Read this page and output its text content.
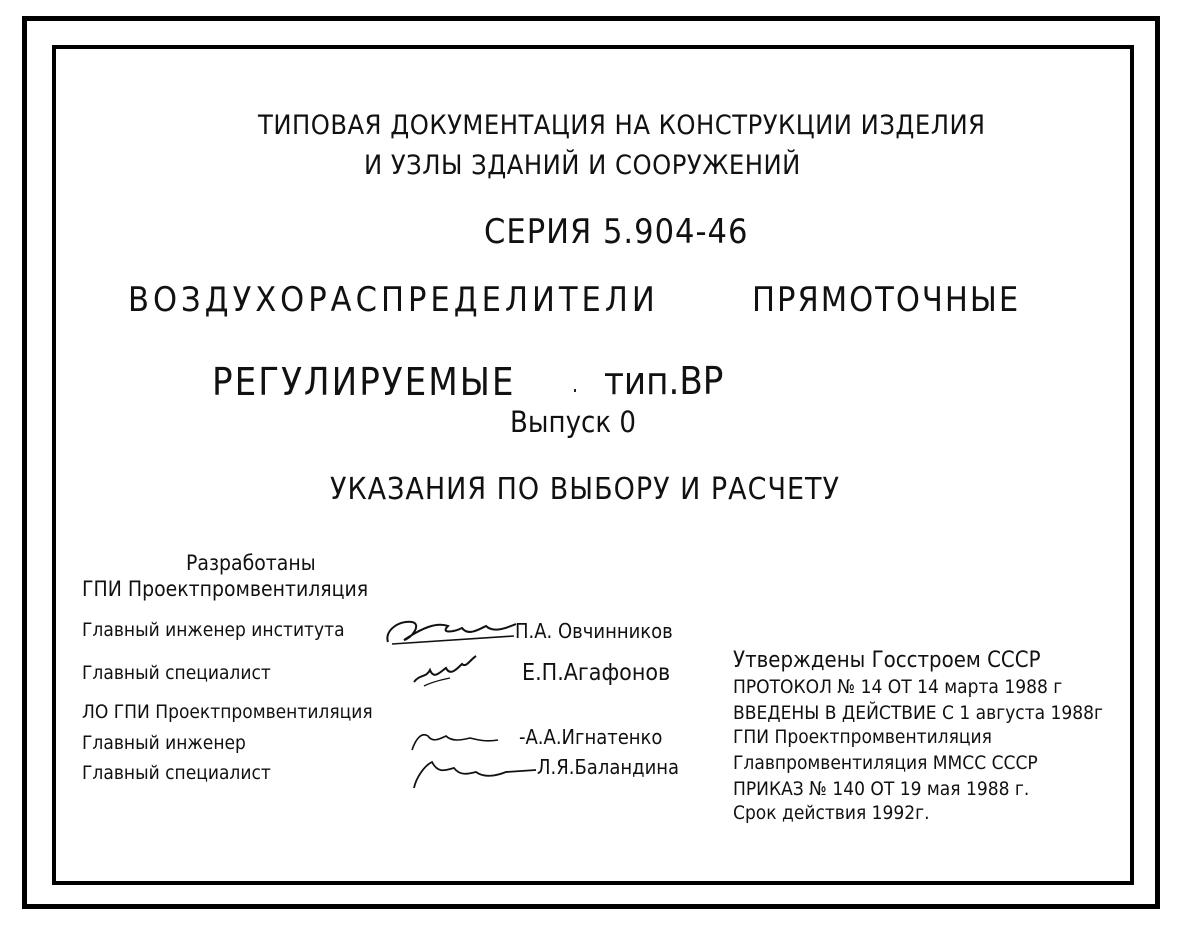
ТИПОВАЯ ДОКУМЕНТАЦИЯ НА КОНСТРУКЦИИ ИЗДЕЛИЯ
И УЗЛЫ ЗДАНИЙ И СООРУЖЕНИЙ
СЕРИЯ 5.904-46
ВОЗДУХОРАСПРЕДЕЛИТЕЛИ	ПРЯМОТОЧНЫЕ
РЕГУЛИРУЕМЫЕ тип.ВР
Выпуск 0
УКАЗАНИЯ ПО ВЫБОРУ И РАСЧЕТУ
Разработаны
ГПИ Проектпромвентиляция
Главный инженер института
Главный специалист
ЛО ГПИ Проектпромвентиляция
Главный инженер
Главный специалист
П.А. Овчинников
Е.П.Агафонов
-А.А.Игнатенко
Л.Я.Баландина
Утверждены Госстроем СССР
ПРОТОКОЛ № 14 ОТ 14 марта 1988 г
ВВЕДЕНЫ В ДЕЙСТВИЕ С 1 августа 1988г
ГПИ Проектпромвентиляция
Главпромвентиляция ММСС СССР
ПРИКАЗ № 140 ОТ 19 мая 1988 г.
Срок действия 1992г.
